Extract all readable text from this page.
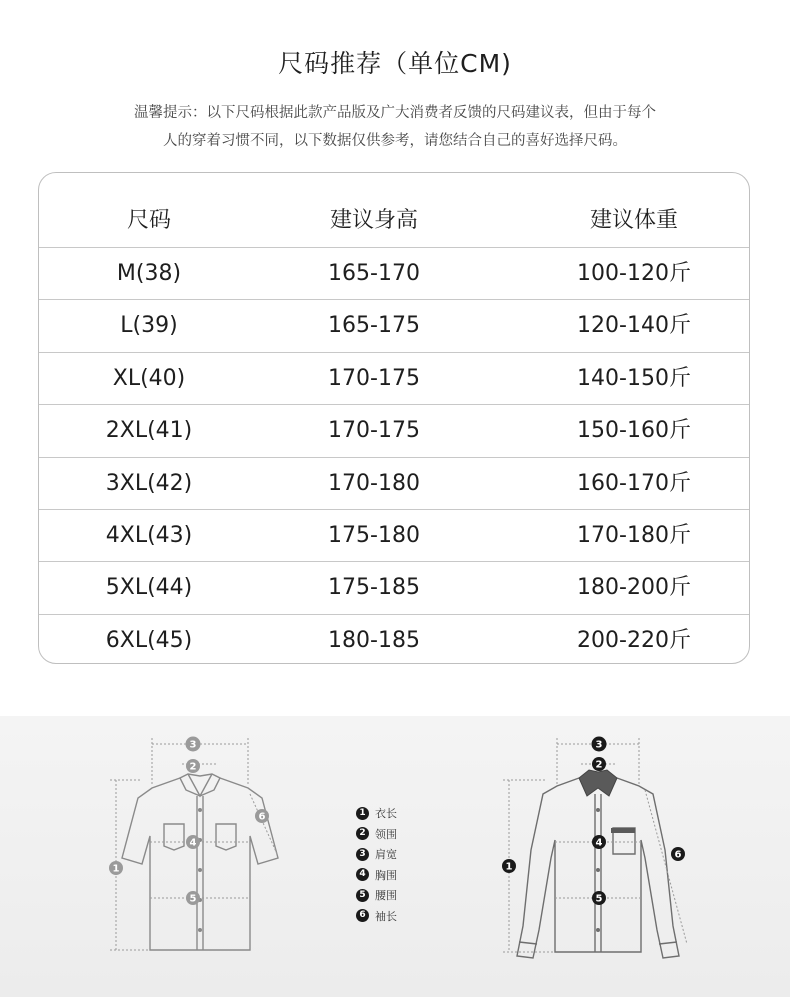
尺码推荐（单位CM)
温馨提示：以下尺码根据此款产品版及广大消费者反馈的尺码建议表，但由于每个
人的穿着习惯不同，以下数据仅供参考，请您结合自己的喜好选择尺码。
尺码	建议身高	建议体重
M(38)	165-170	100-120斤
L(39)	165-175	120-140斤
XL(40)	170-175	140-150斤
2XL(41)	170-175	150-160斤
3XL(42)	170-180	160-170斤
4XL(43)	175-180	170-180斤
5XL(44)	175-185	180-200斤
6XL(45)	180-185	200-220斤
3
2
4
5
1
6	1 衣长
2 领围
3 肩宽
4 胸围
5 腰围
6 袖长
3
2
4
5
1
6
